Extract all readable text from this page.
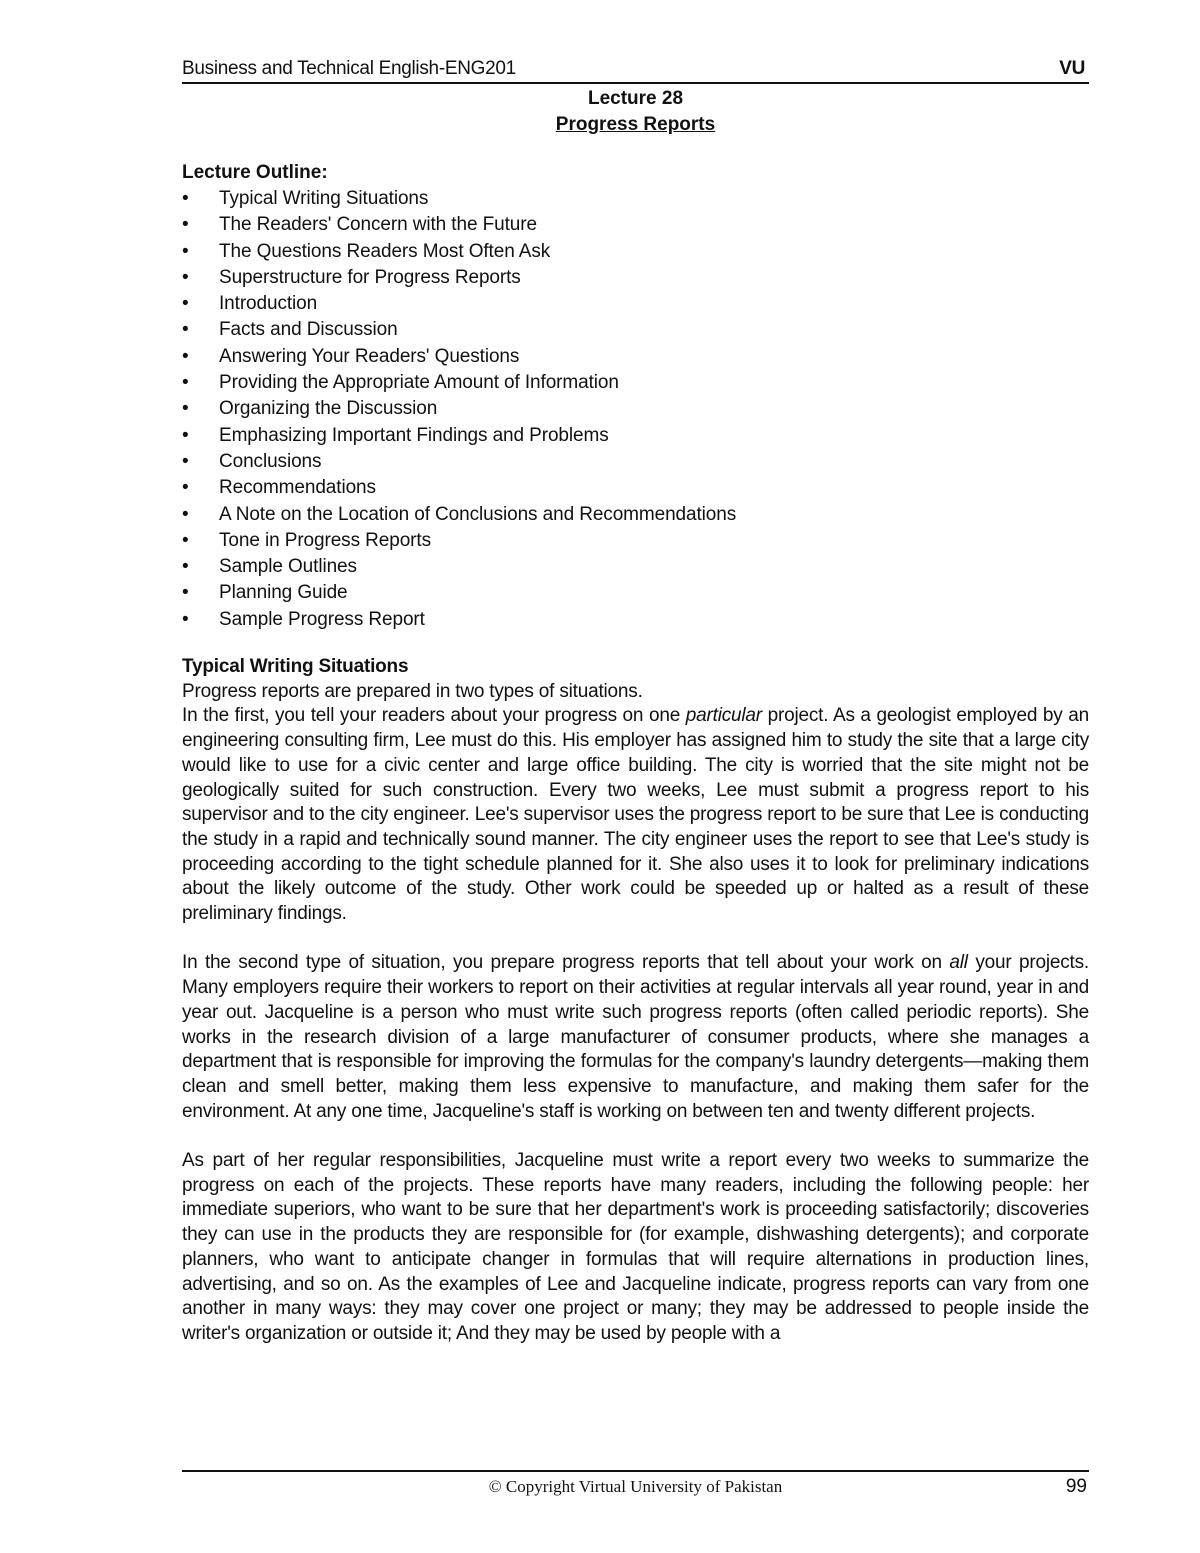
Business and Technical English-ENG201	VU
Lecture 28
Progress Reports
Lecture Outline:
• Typical Writing Situations
• The Readers' Concern with the Future
• The Questions Readers Most Often Ask
• Superstructure for Progress Reports
• Introduction
• Facts and Discussion
• Answering Your Readers' Questions
• Providing the Appropriate Amount of Information
• Organizing the Discussion
• Emphasizing Important Findings and Problems
• Conclusions
• Recommendations
• A Note on the Location of Conclusions and Recommendations
• Tone in Progress Reports
• Sample Outlines
• Planning Guide
• Sample Progress Report
Typical Writing Situations

Progress reports are prepared in two types of situations.

In the first, you tell your readers about your progress on one particular project. As a geologist employed by an engineering consulting firm, Lee must do this. His employer has assigned him to study the site that a large city would like to use for a civic center and large office building. The city is worried that the site might not be geologically suited for such construction. Every two weeks, Lee must submit a progress report to his supervisor and to the city engineer. Lee's supervisor uses the progress report to be sure that Lee is conducting the study in a rapid and technically sound manner. The city engineer uses the report to see that Lee's study is proceeding according to the tight schedule planned for it. She also uses it to look for preliminary indications about the likely outcome of the study. Other work could be speeded up or halted as a result of these preliminary findings.

In the second type of situation, you prepare progress reports that tell about your work on all your projects. Many employers require their workers to report on their activities at regular intervals all year round, year in and year out. Jacqueline is a person who must write such progress reports (often called periodic reports). She works in the research division of a large manufacturer of consumer products, where she manages a department that is responsible for improving the formulas for the company's laundry detergents—making them clean and smell better, making them less expensive to manufacture, and making them safer for the environment. At any one time, Jacqueline's staff is working on between ten and twenty different projects.

As part of her regular responsibilities, Jacqueline must write a report every two weeks to summarize the progress on each of the projects. These reports have many readers, including the following people: her immediate superiors, who want to be sure that her department's work is proceeding satisfactorily; discoveries they can use in the products they are responsible for (for example, dishwashing detergents); and corporate planners, who want to anticipate changer in formulas that will require alternations in production lines, advertising, and so on. As the examples of Lee and Jacqueline indicate, progress reports can vary from one another in many ways: they may cover one project or many; they may be addressed to people inside the writer's organization or outside it; And they may be used by people with a

© Copyright Virtual University of Pakistan	99
